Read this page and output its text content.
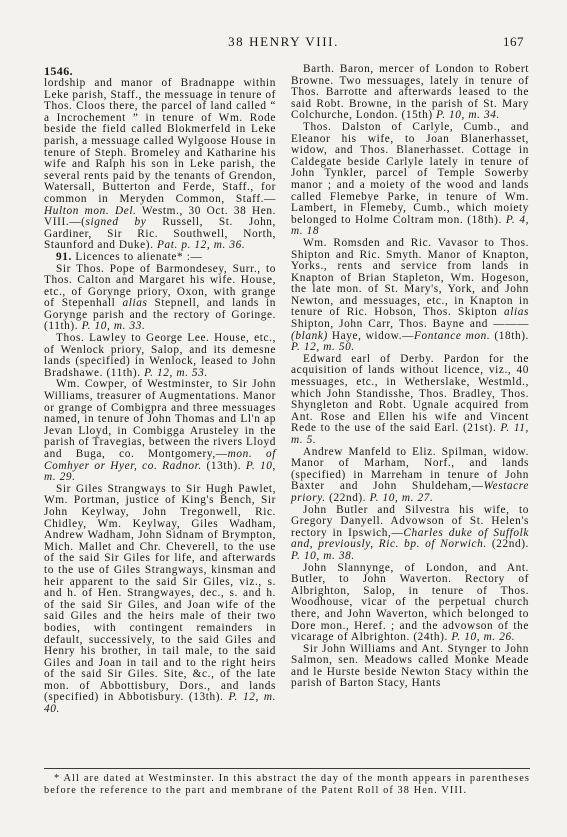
38 HENRY VIII.	167
1546.

lordship and manor of Bradnappe within Leke parish, Staff., the messuage in tenure of Thos. Cloos there, the parcel of land called “ a Incrochement ” in tenure of Wm. Rode beside the field called Blokmerfeld in Leke parish, a messuage called Wylgoose House in tenure of Steph. Bromeley and Katharine his wife and Ralph his son in Leke parish, the several rents paid by the tenants of Grendon, Watersall, Butterton and Ferde, Staff., for common in Meryden Common, Staff.—Hulton mon. Del. Westm., 30 Oct. 38 Hen. VIII.—(signed by Russell, St. John, Gardiner, Sir Ric. Southwell, North, Staunford and Duke). Pat. p. 12, m. 36.

91. Licences to alienate* :—

Sir Thos. Pope of Barmondesey, Surr., to Thos. Calton and Margaret his wife. House, etc., of Gorynge priory, Oxon, with grange of Stepenhall alias Stepnell, and lands in Gorynge parish and the rectory of Goringe. (11th). P. 10, m. 33.

Thos. Lawley to George Lee. House, etc., of Wenlock priory, Salop, and its demesne lands (specified) in Wenlock, leased to John Bradshawe. (11th). P. 12, m. 53.

Wm. Cowper, of Westminster, to Sir John Williams, treasurer of Augmentations. Manor or grange of Combigpra and three messuages named, in tenure of John Thomas and Ll'n ap Jevan Lloyd, in Combigga Arusteley in the parish of Travegias, between the rivers Lloyd and Buga, co. Montgomery,—mon. of Comhyer or Hyer, co. Radnor. (13th). P. 10, m. 29.

Sir Giles Strangways to Sir Hugh Pawlet, Wm. Portman, justice of King's Bench, Sir John Keylway, John Tregonwell, Ric. Chidley, Wm. Keylway, Giles Wadham, Andrew Wadham, John Sidnam of Brympton, Mich. Mallet and Chr. Cheverell, to the use of the said Sir Giles for life, and afterwards to the use of Giles Strangways, kinsman and heir apparent to the said Sir Giles, viz., s. and h. of Hen. Strangwayes, dec., s. and h. of the said Sir Giles, and Joan wife of the said Giles and the heirs male of their two bodies, with contingent remainders in default, successively, to the said Giles and Henry his brother, in tail male, to the said Giles and Joan in tail and to the right heirs of the said Sir Giles. Site, &c., of the late mon. of Abbottisbury, Dors., and lands (specified) in Abbotisbury. (13th). P. 12, m. 40.

Barth. Baron, mercer of London to Robert Browne. Two messuages, lately in tenure of Thos. Barrotte and afterwards leased to the said Robt. Browne, in the parish of St. Mary Colchurche, London. (15th) P. 10, m. 34.

Thos. Dalston of Carlyle, Cumb., and Eleanor his wife, to Joan Blanerhasset, widow, and Thos. Blanerhasset. Cottage in Caldegate beside Carlyle lately in tenure of John Tynkler, parcel of Temple Sowerby manor ; and a moiety of the wood and lands called Flemebye Parke, in tenure of Wm. Lambert, in Flemeby, Cumb., which moiety belonged to Holme Coltram mon. (18th). P. 4, m. 18

Wm. Romsden and Ric. Vavasor to Thos. Shipton and Ric. Smyth. Manor of Knapton, Yorks., rents and service from lands in Knapton of Brian Stapleton, Wm. Hogeson, the late mon. of St. Mary's, York, and John Newton, and messuages, etc., in Knapton in tenure of Ric. Hobson, Thos. Skipton alias Shipton, John Carr, Thos. Bayne and ——— (blank) Haye, widow.—Fontance mon. (18th). P. 12, m. 50.

Edward earl of Derby. Pardon for the acquisition of lands without licence, viz., 40 messuages, etc., in Wetherslake, Westmld., which John Standisshe, Thos. Bradley, Thos. Shyngleton and Robt. Ugnale acquired from Ant. Rose and Ellen his wife and Vincent Rede to the use of the said Earl. (21st). P. 11, m. 5.

Andrew Manfeld to Eliz. Spilman, widow. Manor of Marham, Norf., and lands (specified) in Marreham in tenure of John Baxter and John Shuldeham,—Westacre priory. (22nd). P. 10, m. 27.

John Butler and Silvestra his wife, to Gregory Danyell. Advowson of St. Helen's rectory in Ipswich,—Charles duke of Suffolk and, previously, Ric. bp. of Norwich. (22nd). P. 10, m. 38.

John Slannynge, of London, and Ant. Butler, to John Waverton. Rectory of Albrighton, Salop, in tenure of Thos. Woodhouse, vicar of the perpetual church there, and John Waverton, which belonged to Dore mon., Heref. ; and the advowson of the vicarage of Albrighton. (24th). P. 10, m. 26.

Sir John Williams and Ant. Stynger to John Salmon, sen. Meadows called Monke Meade and le Hurste beside Newton Stacy within the parish of Barton Stacy, Hants

* All are dated at Westminster. In this abstract the day of the month appears in parentheses before the reference to the part and membrane of the Patent Roll of 38 Hen. VIII.
